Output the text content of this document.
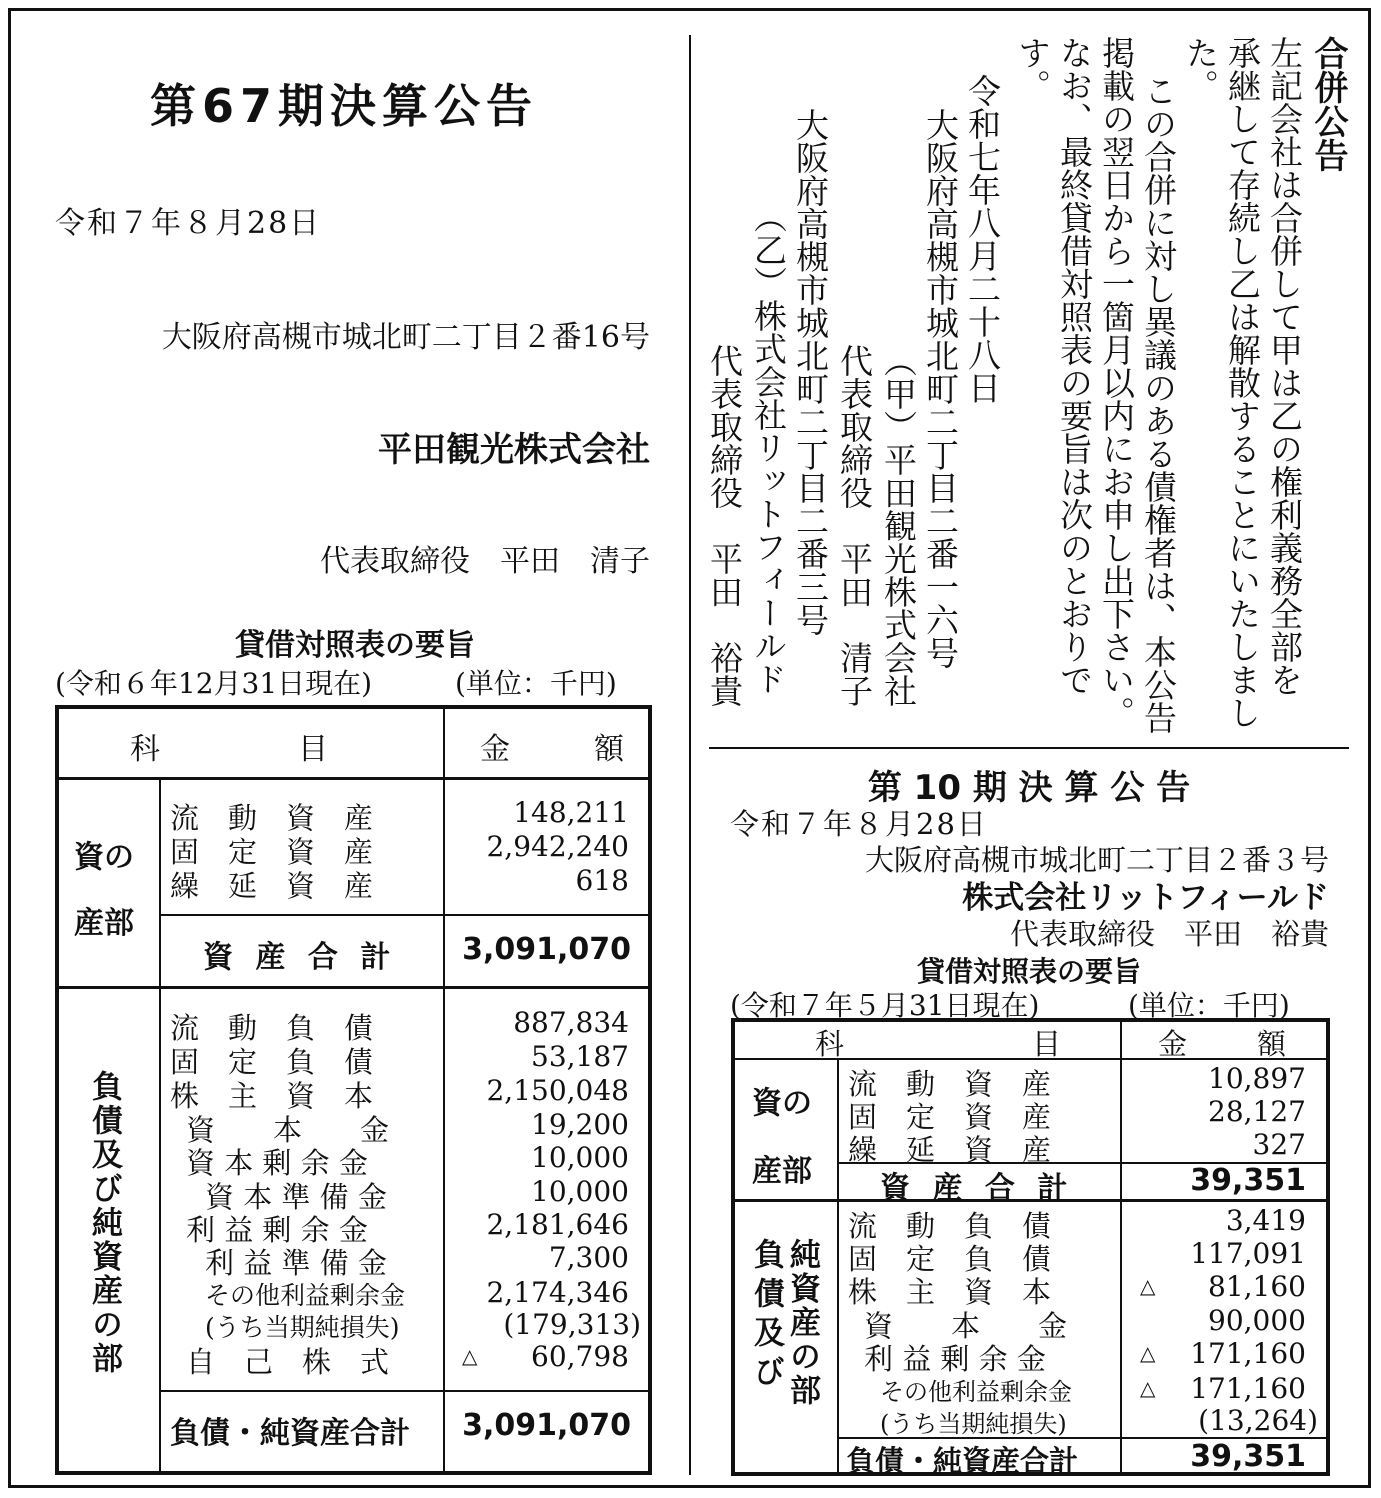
第67期決算公告
令和７年８月28日
大阪府高槻市城北町二丁目２番16号
平田観光株式会社
代表取締役　平田　清子
貸借対照表の要旨
(令和６年12月31日現在)	(単位：千円)
科　　　目	金　　額
資の
産部
流　動　資　産	148,211
固　定　資　産	2,942,240
繰　延　資　産	618
資 産 合 計	3,091,070
負債及び純資産の部
流　動　負　債	887,834
固　定　負　債	53,187
株　主　資　本	2,150,048
資　　本　　金	19,200
資 本 剰 余 金	10,000
資 本 準 備 金	10,000
利 益 剰 余 金	2,181,646
利 益 準 備 金	7,300
その他利益剰余金	2,174,346
(うち当期純損失)	(179,313)
自　己　株　式	△	60,798
負債・純資産合計	3,091,070
合併公告
左記会社は合併して甲は乙の権利義務全部を
承継して存続し乙は解散することにいたしまし
た。
この合併に対し異議のある債権者は、本公告
掲載の翌日から一箇月以内にお申し出下さい。
なお、最終貸借対照表の要旨は次のとおりで
す。
令和七年八月二十八日
大阪府高槻市城北町二丁目二番一六号
（甲）平田観光株式会社
代表取締役　平田　清子
大阪府高槻市城北町二丁目二番三号
（乙）株式会社リットフィールド
代表取締役　平田　裕貴
第 10 期 決 算 公 告
令和７年８月28日
大阪府高槻市城北町二丁目２番３号
株式会社リットフィールド
代表取締役　平田　裕貴
貸借対照表の要旨
(令和７年５月31日現在)	(単位：千円)
科　　　　　　目	金　　額
資の
産部
流　動　資　産	10,897
固　定　資　産	28,127
繰　延　資　産	327
資 産 合 計	39,351
負債及び 純資産の部
流　動　負　債	3,419
固　定　負　債	117,091
株　主　資　本	△	81,160
資　　本　　金	90,000
利 益 剰 余 金	△	171,160
その他利益剰余金	△	171,160
(うち当期純損失)	(13,264)
負債・純資産合計	39,351
